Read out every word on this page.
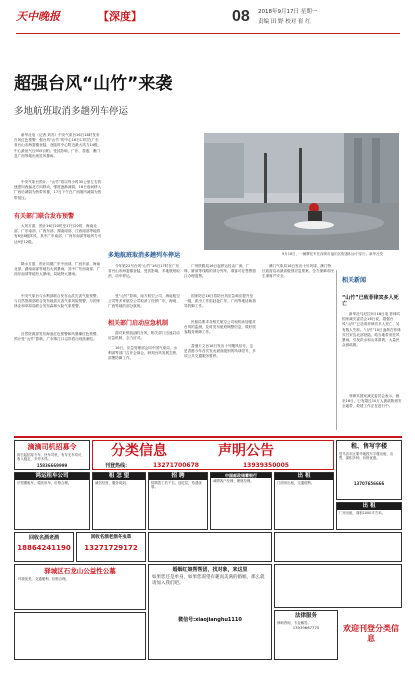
天中晚报	【深度】	08 2018年9月17日 星期一
责编 田 野 校对 崔 红
超强台风“山竹”来袭
多地航班取消多趟列车停运
9月16日，一辆摩托车在深圳市福田区街道积水中穿行。新华社发
新华社电（记者 刘苏）中央气象台16日18时发布台风红色预警：强台风“山竹”的中心16日17时在广东省台山市海宴镇登陆，登陆时中心附近最大风力14级，中心最低气压955百帕。受其影响，广东、香港、澳门及广西等地出现狂风暴雨。
中央气象台预计，“山竹”将以每小时30公里左右的速度向西偏北方向移动，强度逐渐减弱，16日夜间移入广西后减弱为热带风暴，17日下午在广西境内减弱为热带低压。
有关部门联合发布预警
大风方面，预计16日20时至17日20时，海南北部、广东南部、广西东部、湖南南部、江西南部等地将有6至8级阵风，其中广东南部、广西东南部等地风力可达9至12级。
降水方面，预计同期广东中西部、广西东部、海南北部、湖南南部等地有大到暴雨，其中广东西南部、广西东南部等地有大暴雨，局地特大暴雨。
中央气象台与水利部联合发布山洪灾害气象预警，与自然资源部联合发布地质灾害气象风险预警，与国家林业和草原局联合发布森林火险气象预警。
自然资源部发布海浪红色预警和风暴潮红色预警，预计受“山竹”影响，广东珠江口沿岸将出现高潮位。
多地航班取消多趟列车停运
今年第22号台风“山竹”16日17时在广东省台山市海宴镇登陆，受其影响，多地航班取消、动车停运。
受“山竹”影响，南方航空公司、海南航空公司等多家航空公司取消了经停广东、海南、广西等地的部分航班。
相关部门启动应急机制
面对来势汹汹的台风，相关部门迅速启动应急机制，全力应对。
16日，应急管理部会同中国气象局、水利部等部门召开会商会，研判台风发展态势，部署防御工作。
广州铁路局16日起停运经由广深、广珠、厦深等线路的部分列车，乘客可在售票窗口办理退票。
国家防总16日将防台风应急响应提升至一级，派出工作组赶赴广东、广西等地协助指导防御工作。
民航局要求各相关航空公司和机场加强对台风的监测，及时发布航班调整信息，做好旅客服务保障工作。
香港天文台16日发出十号飓风信号，这是香港今年首次发出最高级别的风球信号，多项公共交通服务暂停。
澳门气象局16日发出十号风球，澳门特区政府启动最高级别应急预案，全力保障市民生命财产安全。
相关新闻
“山竹”已致菲律宾多人死亡
新华社马尼拉9月16日电 菲律宾国家减灾委员会16日说，超强台风“山竹”已造成菲律宾多人死亡，另有数人失踪。“山竹”15日凌晨在菲律宾吕宋岛北部登陆，给当地带来狂风暴雨，引发洪水和山体滑坡，大量民众被疏散。
菲律宾国家减灾委员会表示，截至16日，已有超过10万人被疏散到安全地带，救援工作正在进行中。
滴滴司机招募令
即日起招募专车、快车司机，有车无车均可，收入稳定，多劳多得。
15836669999
分类信息	声明公告
刊登热线：	13271700678	13939350005
租、售写字楼
驻马店市区繁华地段写字楼出租、出售，面积多种，价格优惠。
13707656666
鸿运租车公司
长短期租车，婚庆用车，价格合理。
租 怎 望
诚信经营，服务周到。
招 聘
招聘普工若干名，包吃住，待遇优厚。
中国邮政储蓄银行
诚聘客户经理、理财经理。
出 租
门面房出租，交通便利。
出 租
厂房出租，面积1000平方米。
回收名酒老酒
18864241190
回收名酒老酒冬虫草
13271729172
驿城区石龙山公益性公墓
环境优美，交通便利，价格合理。
婚姻红娘帮帮团，找对象，来这里
如果您还是单身，如果您渴望有趣而美满的婚姻，那么就请加入我们吧。
微信号:xiaojianghu1110
法律服务
律师咨询，专业解答。
13939667775	欢迎刊登分类信息
